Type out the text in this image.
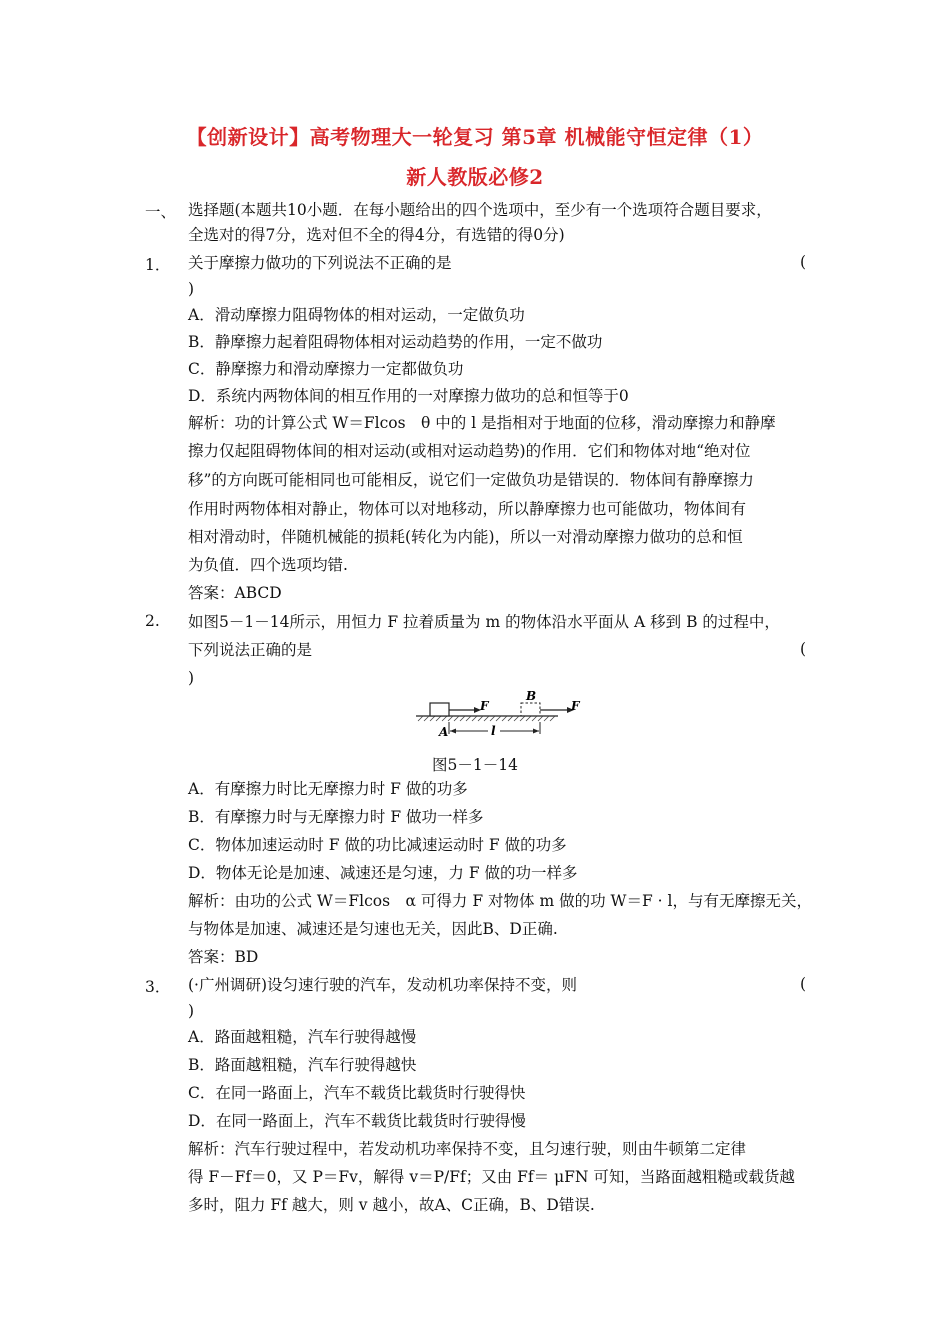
【创新设计】高考物理大一轮复习 第5章 机械能守恒定律（1）
新人教版必修2
一、 选择题(本题共10小题．在每小题给出的四个选项中，至少有一个选项符合题目要求，
全选对的得7分，选对但不全的得4分，有选错的得0分)
1． 关于摩擦力做功的下列说法不正确的是	(
)
A．滑动摩擦力阻碍物体的相对运动，一定做负功
B．静摩擦力起着阻碍物体相对运动趋势的作用，一定不做功
C．静摩擦力和滑动摩擦力一定都做负功
D．系统内两物体间的相互作用的一对摩擦力做功的总和恒等于0
解析：功的计算公式 W＝Flcos　θ 中的 l 是指相对于地面的位移，滑动摩擦力和静摩
擦力仅起阻碍物体间的相对运动(或相对运动趋势)的作用．它们和物体对地“绝对位
移”的方向既可能相同也可能相反，说它们一定做负功是错误的．物体间有静摩擦力
作用时两物体相对静止，物体可以对地移动，所以静摩擦力也可能做功，物体间有
相对滑动时，伴随机械能的损耗(转化为内能)，所以一对滑动摩擦力做功的总和恒
为负值．四个选项均错.
答案：ABCD
2. 如图5－1－14所示，用恒力 F 拉着质量为 m 的物体沿水平面从 A 移到 B 的过程中，
下列说法正确的是	(
)
F
B
F
l
A
图5－1－14
A．有摩擦力时比无摩擦力时 F 做的功多
B．有摩擦力时与无摩擦力时 F 做功一样多
C．物体加速运动时 F 做的功比减速运动时 F 做的功多
D．物体无论是加速、减速还是匀速，力 F 做的功一样多
解析：由功的公式 W＝Flcos　α 可得力 F 对物体 m 做的功 W＝F · l，与有无摩擦无关，
与物体是加速、减速还是匀速也无关，因此B、D正确.
答案：BD
3． (·广州调研)设匀速行驶的汽车，发动机功率保持不变，则	(
)
A．路面越粗糙，汽车行驶得越慢
B．路面越粗糙，汽车行驶得越快
C．在同一路面上，汽车不载货比载货时行驶得快
D．在同一路面上，汽车不载货比载货时行驶得慢
解析：汽车行驶过程中，若发动机功率保持不变，且匀速行驶，则由牛顿第二定律
得 F－Ff＝0，又 P＝Fv，解得 v＝P/Ff；又由 Ff＝ μFN 可知，当路面越粗糙或载货越
多时，阻力 Ff 越大，则 v 越小，故A、C正确，B、D错误.
